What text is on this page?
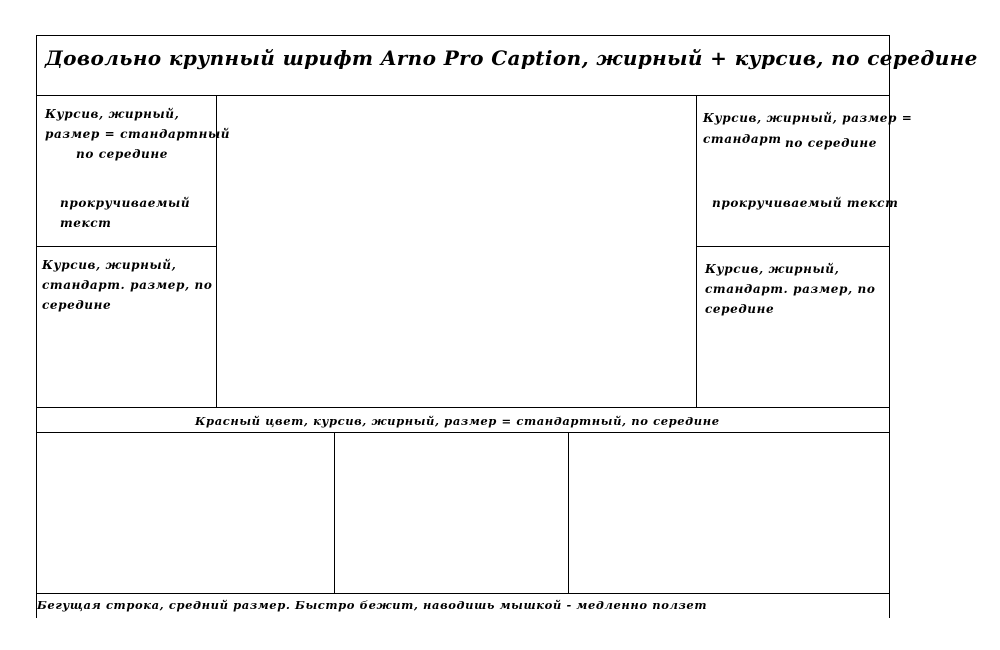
Довольно крупный шрифт Arno Pro Caption, жирный + курсив, по середине
Курсив, жирный,
размер = стандартный
по середине
прокручиваемый
текст
Курсив, жирный,
стандарт. размер, по
середине
Курсив, жирный, размер =
стандарт по середине
прокручиваемый текст
Курсив, жирный,
стандарт. размер, по
середине
Красный цвет, курсив, жирный, размер = стандартный, по середине
Бегущая строка, средний размер. Быстро бежит, наводишь мышкой - медленно ползет
